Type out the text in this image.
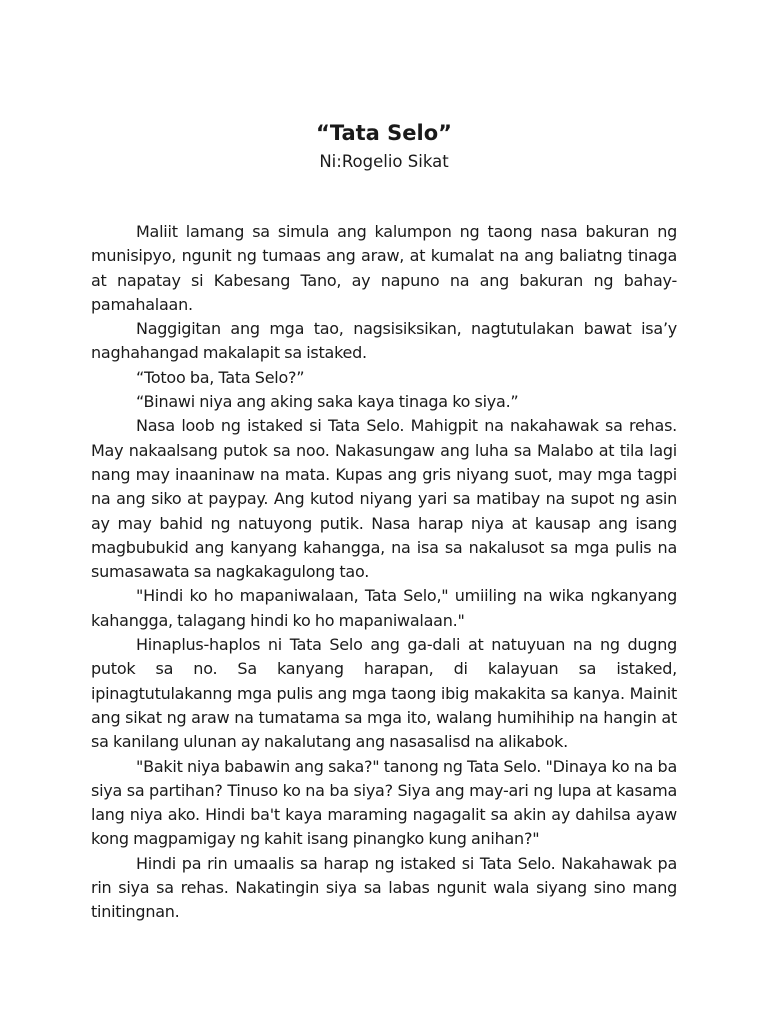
“Tata Selo”
Ni:Rogelio Sikat

Maliit lamang sa simula ang kalumpon ng taong nasa bakuran ng munisipyo, ngunit ng tumaas ang araw, at kumalat na ang baliatng tinaga at napatay si Kabesang Tano, ay napuno na ang bakuran ng bahay-pamahalaan.

Naggigitan ang mga tao, nagsisiksikan, nagtutulakan bawat isa’y naghahangad makalapit sa istaked.

“Totoo ba, Tata Selo?”

“Binawi niya ang aking saka kaya tinaga ko siya.”

Nasa loob ng istaked si Tata Selo. Mahigpit na nakahawak sa rehas. May nakaalsang putok sa noo. Nakasungaw ang luha sa Malabo at tila lagi nang may inaaninaw na mata. Kupas ang gris niyang suot, may mga tagpi na ang siko at paypay. Ang kutod niyang yari sa matibay na supot ng asin ay may bahid ng natuyong putik. Nasa harap niya at kausap ang isang magbubukid ang kanyang kahangga, na isa sa nakalusot sa mga pulis na sumasawata sa nagkakagulong tao.

"Hindi ko ho mapaniwalaan, Tata Selo," umiiling na wika ngkanyang kahangga, talagang hindi ko ho mapaniwalaan."

Hinaplus-haplos ni Tata Selo ang ga-dali at natuyuan na ng dugng putok sa no. Sa kanyang harapan, di kalayuan sa istaked, ipinagtutulakanng mga pulis ang mga taong ibig makakita sa kanya. Mainit ang sikat ng araw na tumatama sa mga ito, walang humihihip na hangin at sa kanilang ulunan ay nakalutang ang nasasalisd na alikabok.

"Bakit niya babawin ang saka?" tanong ng Tata Selo. "Dinaya ko na ba siya sa partihan? Tinuso ko na ba siya? Siya ang may-ari ng lupa at kasama lang niya ako. Hindi ba't kaya maraming nagagalit sa akin ay dahilsa ayaw kong magpamigay ng kahit isang pinangko kung anihan?"

Hindi pa rin umaalis sa harap ng istaked si Tata Selo. Nakahawak pa rin siya sa rehas. Nakatingin siya sa labas ngunit wala siyang sino mang tinitingnan.
